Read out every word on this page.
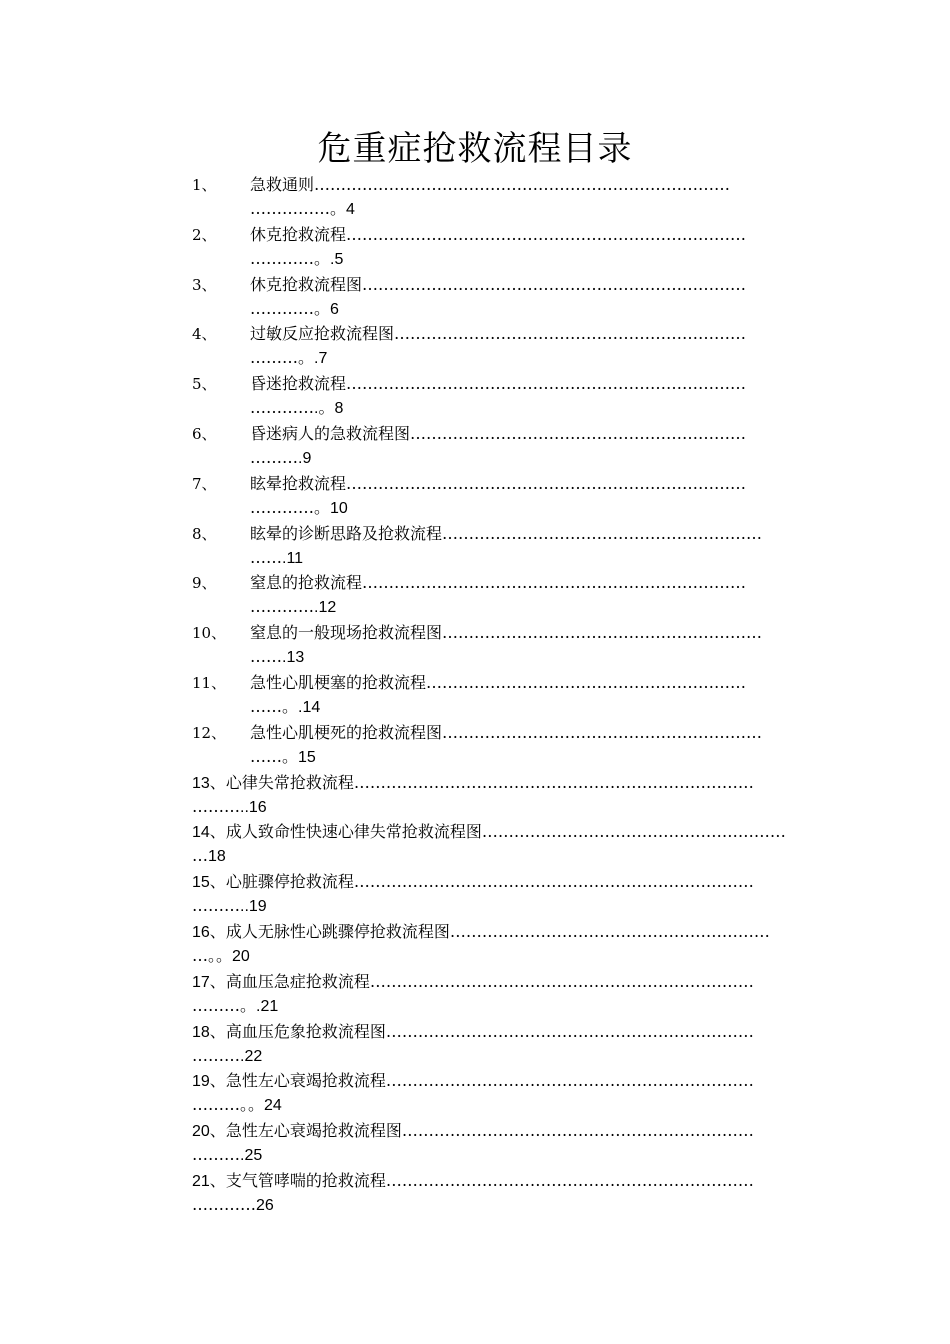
危重症抢救流程目录
1、 急救通则……………………………………………………………………
……………。4
2、 休克抢救流程…………………………………………………………………
…………。.5
3、 休克抢救流程图………………………………………………………………
…………。6
4、 过敏反应抢救流程图…………………………………………………………
………。.7
5、 昏迷抢救流程…………………………………………………………………
………….。8
6、 昏迷病人的急救流程图………………………………………………………
……….9
7、 眩晕抢救流程…………………………………………………………………
…………。10
8、 眩晕的诊断思路及抢救流程……………………………………………………
…….11
9、 窒息的抢救流程………………………………………………………………
………….12
10、 窒息的一般现场抢救流程图……………………………………………………
…….13
11、 急性心肌梗塞的抢救流程……………………………………………………
……。.14
12、 急性心肌梗死的抢救流程图……………………………………………………
……。15
13、心律失常抢救流程…………………………………………………………………
………..16
14、成人致命性快速心律失常抢救流程图…………………………………………………
…18
15、心脏骤停抢救流程…………………………………………………………………
………..19
16、成人无脉性心跳骤停抢救流程图……………………………………………………
…。。20
17、高血压急症抢救流程………………………………………………………………
………。.21
18、高血压危象抢救流程图……………………………………………………………
……….22
19、急性左心衰竭抢救流程……………………………………………………………
………。。24
20、急性左心衰竭抢救流程图…………………………………………………………
……….25
21、支气管哮喘的抢救流程……………………………………………………………
…………26
